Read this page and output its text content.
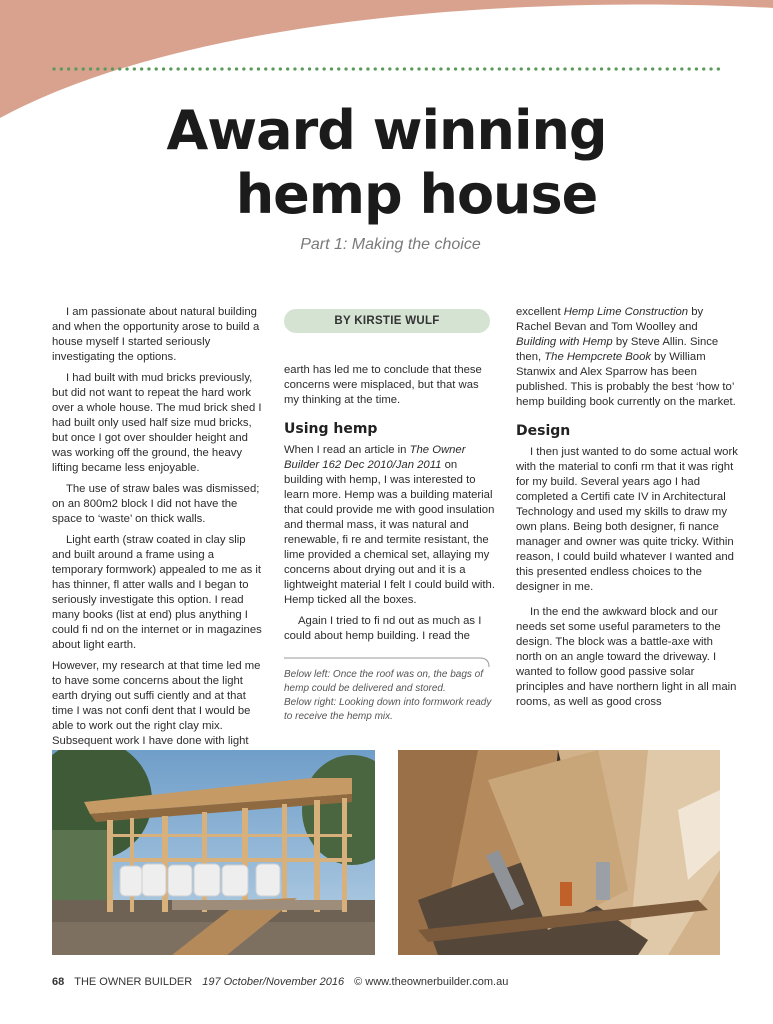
Award winning
hemp house
Part 1: Making the choice

I am passionate about natural building and when the opportunity arose to build a house myself I started seriously investigating the options.

I had built with mud bricks previously, but did not want to repeat the hard work over a whole house. The mud brick shed I had built only used half size mud bricks, but once I got over shoulder height and was working off the ground, the heavy lifting became less enjoyable.

The use of straw bales was dismissed; on an 800m2 block I did not have the space to ‘waste’ on thick walls.

Light earth (straw coated in clay slip and built around a frame using a temporary formwork) appealed to me as it has thinner, fl atter walls and I began to seriously investigate this option. I read many books (list at end) plus anything I could fi nd on the internet or in magazines about light earth.

However, my research at that time led me to have some concerns about the light earth drying out suffi ciently and at that time I was not confi dent that I would be able to work out the right clay mix. Subsequent work I have done with light

BY KIRSTIE WULF

earth has led me to conclude that these concerns were misplaced, but that was my thinking at the time.

Using hemp

When I read an article in The Owner Builder 162 Dec 2010/Jan 2011 on building with hemp, I was interested to learn more. Hemp was a building material that could provide me with good insulation and thermal mass, it was natural and renewable, fi re and termite resistant, the lime provided a chemical set, allaying my concerns about drying out and it is a lightweight material I felt I could build with. Hemp ticked all the boxes.

Again I tried to fi nd out as much as I could about hemp building. I read the

Below left: Once the roof was on, the bags of hemp could be delivered and stored.
Below right: Looking down into formwork ready to receive the hemp mix.

excellent Hemp Lime Construction by Rachel Bevan and Tom Woolley and Building with Hemp by Steve Allin. Since then, The Hempcrete Book by William Stanwix and Alex Sparrow has been published. This is probably the best ‘how to’ hemp building book currently on the market.

Design

I then just wanted to do some actual work with the material to confi rm that it was right for my build. Several years ago I had completed a Certifi cate IV in Architectural Technology and used my skills to draw my own plans. Being both designer, fi nance manager and owner was quite tricky. Within reason, I could build whatever I wanted and this presented endless choices to the designer in me.

In the end the awkward block and our needs set some useful parameters to the design. The block was a battle-axe with north on an angle toward the driveway. I wanted to follow good passive solar principles and have northern light in all main rooms, as well as good cross

68 THE OWNER BUILDER 197 October/November 2016 © www.theownerbuilder.com.au
